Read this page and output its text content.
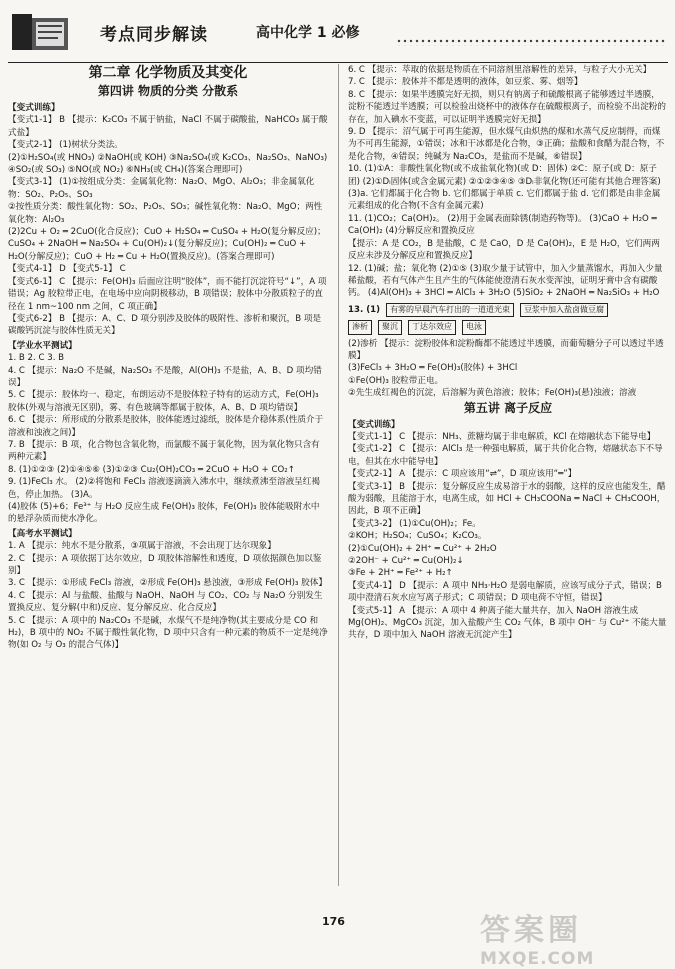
考点同步解读	高中化学 1 必修
第二章 化学物质及其变化
第四讲 物质的分类 分散系
【变式训练】

【变式1-1】 B 【提示：K₂CO₃ 不属于钠盐，NaCl 不属于碳酸盐，NaHCO₃ 属于酸式盐】

【变式2-1】 (1)树状分类法。

(2)①H₂SO₄(或 HNO₃) ②NaOH(或 KOH) ③Na₂SO₄(或 K₂CO₃、Na₂SO₃、NaNO₃) ④SO₂(或 SO₃) ⑤NO(或 NO₂) ⑥NH₃(或 CH₄)(答案合理即可)

【变式3-1】 (1)①按组成分类：金属氧化物：Na₂O、MgO、Al₂O₃；非金属氧化物：SO₂、P₂O₅、SO₃

②按性质分类：酸性氧化物：SO₂、P₂O₅、SO₃；碱性氧化物：Na₂O、MgO；两性氧化物：Al₂O₃

(2)2Cu + O₂ ═ 2CuO(化合反应)；CuO + H₂SO₄ ═ CuSO₄ + H₂O(复分解反应)；CuSO₄ + 2NaOH ═ Na₂SO₄ + Cu(OH)₂↓(复分解反应)；Cu(OH)₂ ═ CuO + H₂O(分解反应)；CuO + H₂ ═ Cu + H₂O(置换反应)。(答案合理即可)

【变式4-1】 D 【变式5-1】 C

【变式6-1】 C 【提示：Fe(OH)₃ 后面应注明“胶体”，而不能打沉淀符号“↓”，A 项错误；Ag 胶粒带正电，在电场中应向阴极移动，B 项错误；胶体中分散质粒子的直径在 1 nm~100 nm 之间，C 项正确】

【变式6-2】 B 【提示：A、C、D 项分别涉及胶体的吸附性、渗析和聚沉，B 项是碳酸钙沉淀与胶体性质无关】

【学业水平测试】

1. B 2. C 3. B

4. C 【提示：Na₂O 不是碱，Na₂SO₃ 不是酸，Al(OH)₃ 不是盐，A、B、D 项均错误】

5. C 【提示：胶体均一、稳定，布朗运动不是胶体粒子特有的运动方式，Fe(OH)₃ 胶体(外观与溶液无区别)，雾、有色玻璃等都属于胶体，A、B、D 项均错误】

6. C 【提示：所形成的分散系是胶体，胶体能透过滤纸，胶体是介稳体系(性质介于溶液和浊液之间)】

7. B 【提示：B 项，化合物包含氧化物，而氯酸不属于氧化物，因为氧化物只含有两种元素】

8. (1)①②③ (2)①④⑤⑥ (3)①②③ Cu₂(OH)₂CO₃ ═ 2CuO + H₂O + CO₂↑

9. (1)FeCl₃ 水。 (2)②将饱和 FeCl₃ 溶液逐滴滴入沸水中，继续煮沸至溶液呈红褐色，停止加热。 (3)A。

(4)胶体 (5)+6；Fe³⁺ 与 H₂O 反应生成 Fe(OH)₃ 胶体，Fe(OH)₃ 胶体能吸附水中的悬浮杂质而使水净化。

【高考水平测试】

1. A 【提示：纯水不是分散系，③项属于溶液，不会出现丁达尔现象】

2. C 【提示：A 项依据丁达尔效应，D 项胶体溶解性和透度，D 项依据颜色加以鉴别】

3. C 【提示：①形成 FeCl₃ 溶液，②形成 Fe(OH)₃ 悬浊液，③形成 Fe(OH)₃ 胶体】

4. C 【提示：Al 与盐酸、盐酸与 NaOH、NaOH 与 CO₂、CO₂ 与 Na₂O 分别发生置换反应、复分解(中和)反应、复分解反应、化合反应】

5. C 【提示：A 项中的 Na₂CO₃ 不是碱，水煤气不是纯净物(其主要成分是 CO 和 H₂)，B 项中的 NO₂ 不属于酸性氧化物，D 项中只含有一种元素的物质不一定是纯净物(如 O₂ 与 O₃ 的混合气体)】

6. C 【提示：萃取的依据是物质在不同溶剂里溶解性的差异，与粒子大小无关】

7. C 【提示：胶体并不都是透明的液体，如豆浆、雾、烟等】

8. C 【提示：如果半透膜完好无损，则只有钠离子和硫酸根离子能够透过半透膜，淀粉不能透过半透膜；可以检验出烧杯中的液体存在硫酸根离子，而检验不出淀粉的存在，加入碘水不变蓝，可以证明半透膜完好无损】

9. D 【提示：沼气属于可再生能源，但水煤气由炽热的煤和水蒸气反应制得，而煤为不可再生能源，①错误；冰和干冰都是化合物，③正确；盐酸和食醋为混合物，不是化合物，④错误；纯碱为 Na₂CO₃，是盐而不是碱，⑥错误】

10. (1)①A：非酸性氧化物(或不成盐氧化物)(或 D：固体) ②C：原子(或 D：原子团) (2)①Dᵢ固体(或含金属元素) ②①②③④⑤ ③Dᵢ非氧化物(还可能有其他合理答案) (3)a. 它们都属于化合物 b. 它们都属于单质 c. 它们都属于盐 d. 它们都是由非金属元素组成的化合物(不含有金属元素)

11. (1)CO₂；Ca(OH)₂。 (2)用于金属表面除锈(制造药物等)。 (3)CaO + H₂O ═ Ca(OH)₂ (4)分解反应和置换反应

【提示：A 是 CO₂，B 是盐酸，C 是 CaO，D 是 Ca(OH)₂，E 是 H₂O，它们两两反应未涉及分解反应和置换反应】

12. (1)碱；盐；氧化物 (2)①⑤ (3)取少量于试管中，加入少量蒸馏水，再加入少量稀盐酸，若有气体产生且产生的气体能使澄清石灰水变浑浊，证明牙膏中含有碳酸钙。 (4)Al(OH)₃ + 3HCl ═ AlCl₃ + 3H₂O (5)SiO₂ + 2NaOH ═ Na₂SiO₃ + H₂O

13. (1)	有雾的早晨汽车打出的一道道光束	豆浆中加入盐卤做豆腐
渗析	聚沉	丁达尔效应	电泳

(2)渗析 【提示：淀粉胶体和淀粉酶都不能透过半透膜，而葡萄糖分子可以透过半透膜】

(3)FeCl₃ + 3H₂O ═ Fe(OH)₃(胶体) + 3HCl

①Fe(OH)₃ 胶粒带正电。

②先生成红褐色的沉淀，后溶解为黄色溶液；胶体；Fe(OH)₃(悬)浊液；溶液

第五讲 离子反应
【变式训练】

【变式1-1】 C 【提示：NH₃、蔗糖均属于非电解质，KCl 在熔融状态下能导电】

【变式1-2】 C 【提示：AlCl₃ 是一种强电解质，属于共价化合物，熔融状态下不导电，但其在水中能导电】

【变式2-1】 A 【提示：C 项应该用“⇌”，D 项应该用“═”】

【变式3-1】 B 【提示：复分解反应生成易溶于水的弱酸，这样的反应也能发生，醋酸为弱酸，且能溶于水，电离生成，如 HCl + CH₃COONa ═ NaCl + CH₃COOH，因此，B 项不正确】

【变式3-2】 (1)①Cu(OH)₂；Fe。

②KOH；H₂SO₄；CuSO₄；K₂CO₃。

(2)①Cu(OH)₂ + 2H⁺ ═ Cu²⁺ + 2H₂O

②2OH⁻ + Cu²⁺ ═ Cu(OH)₂↓

③Fe + 2H⁺ ═ Fe²⁺ + H₂↑

【变式4-1】 D 【提示：A 项中 NH₃·H₂O 是弱电解质，应该写成分子式，错误；B 项中澄清石灰水应写离子形式；C 项错误；D 项电荷不守恒，错误】

【变式5-1】 A 【提示：A 项中 4 种离子能大量共存，加入 NaOH 溶液生成 Mg(OH)₂、MgCO₃ 沉淀，加入盐酸产生 CO₂ 气体，B 项中 OH⁻ 与 Cu²⁺ 不能大量共存，D 项中加入 NaOH 溶液无沉淀产生】

176	答案圈
MXQE.COM
